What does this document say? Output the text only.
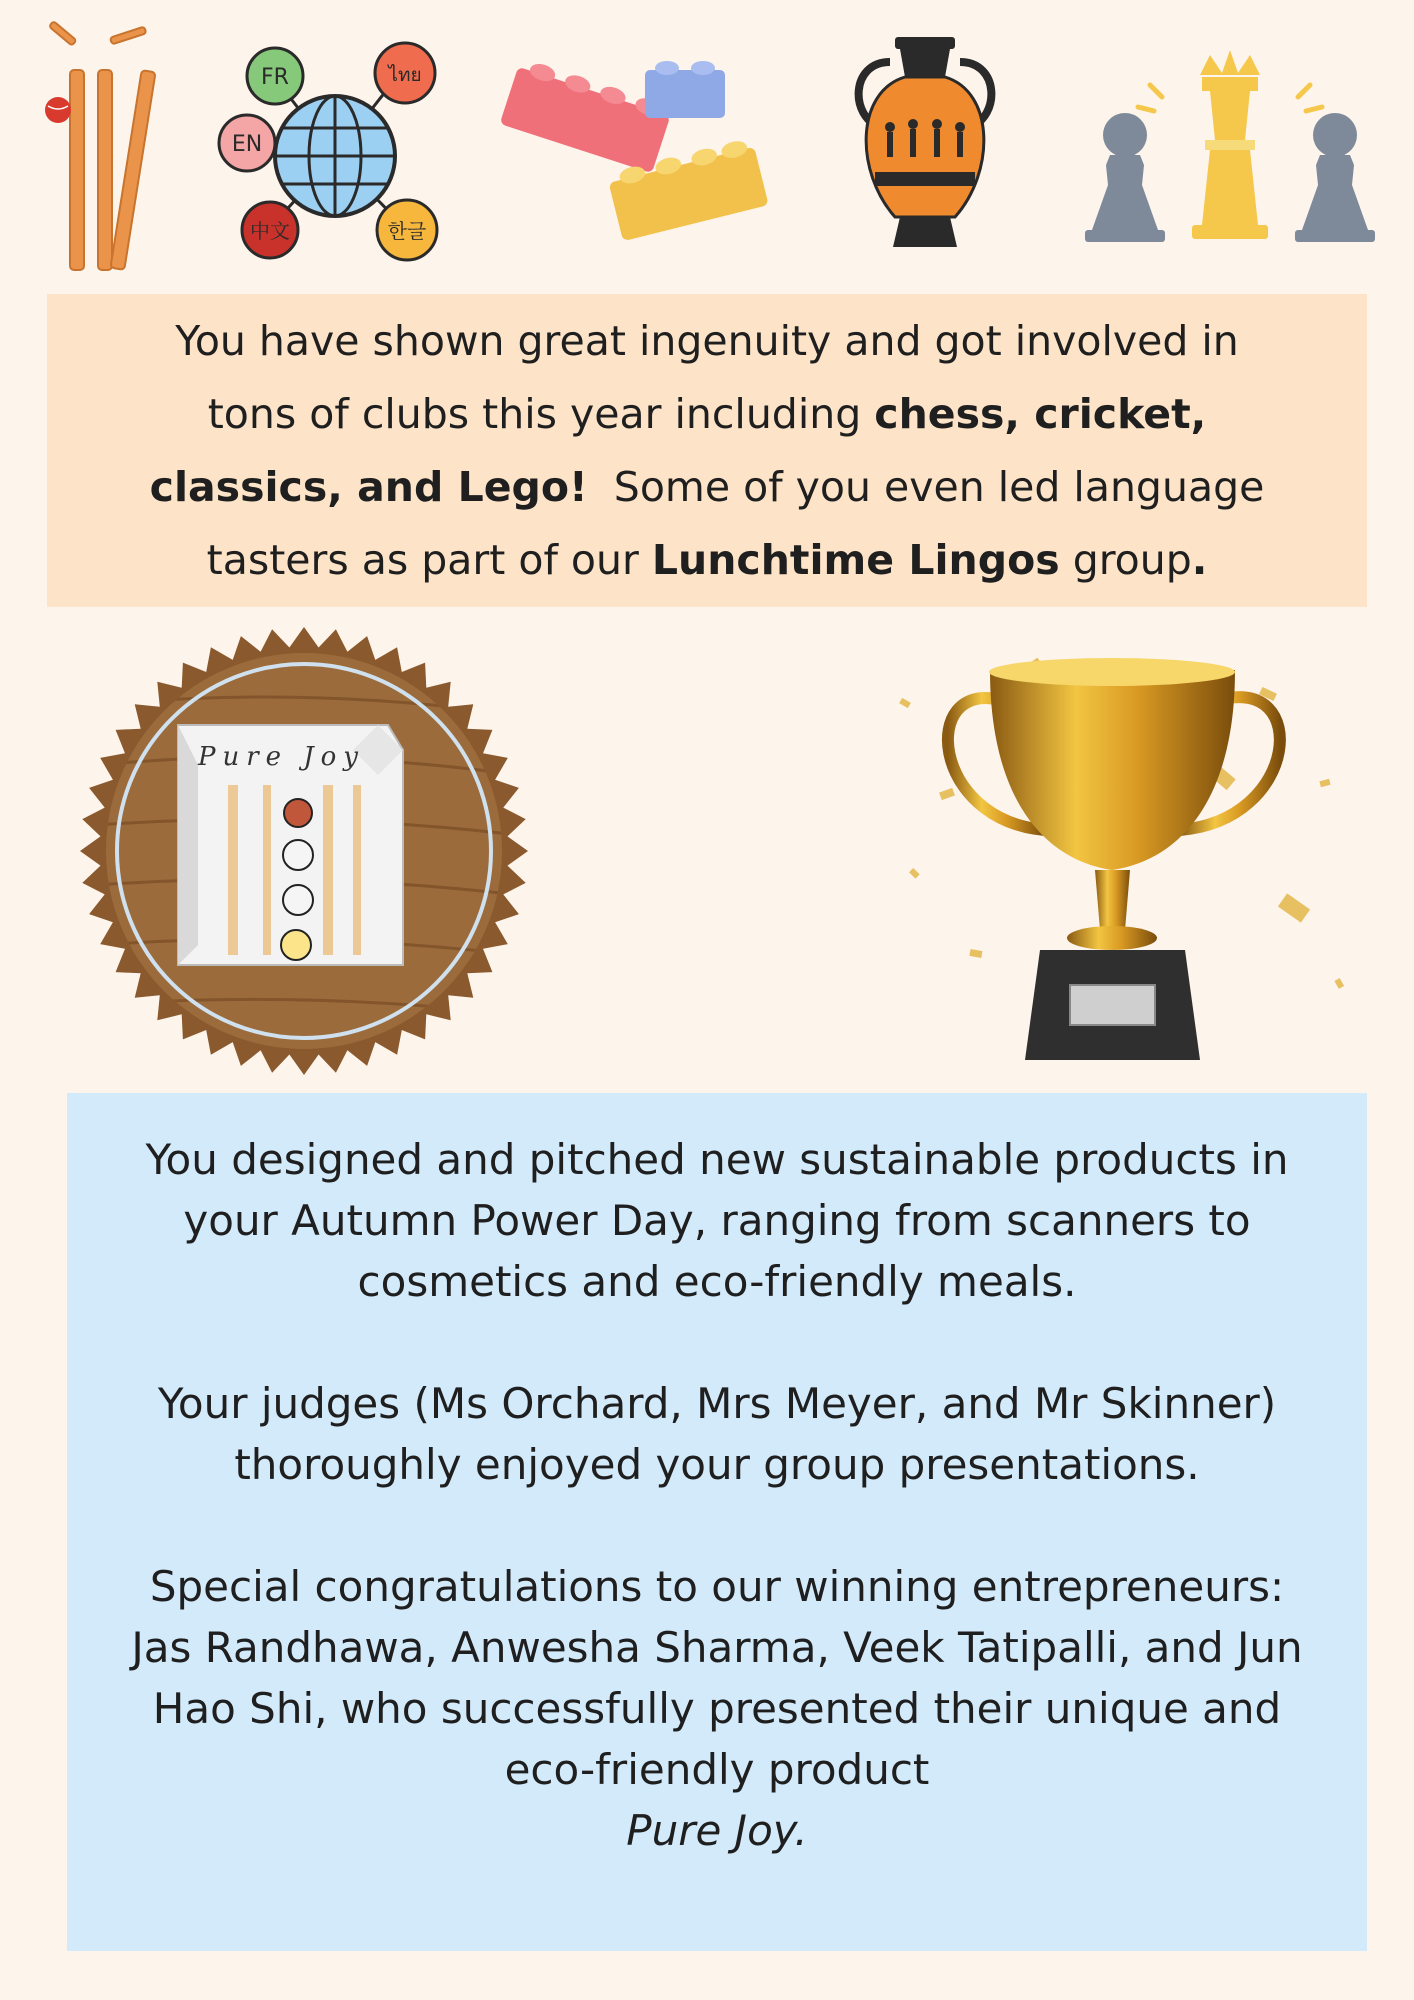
FR	ไทย
EN
中文	한글

You have shown great ingenuity and got involved in
tons of clubs this year including chess, cricket,
classics, and Lego!  Some of you even led language
tasters as part of our Lunchtime Lingos group.

Pure Joy

You designed and pitched new sustainable products in your Autumn Power Day, ranging from scanners to cosmetics and eco-friendly meals.

Your judges (Ms Orchard, Mrs Meyer, and Mr Skinner) thoroughly enjoyed your group presentations.

Special congratulations to our winning entrepreneurs: Jas Randhawa, Anwesha Sharma, Veek Tatipalli, and Jun Hao Shi, who successfully presented their unique and eco-friendly product
Pure Joy.
